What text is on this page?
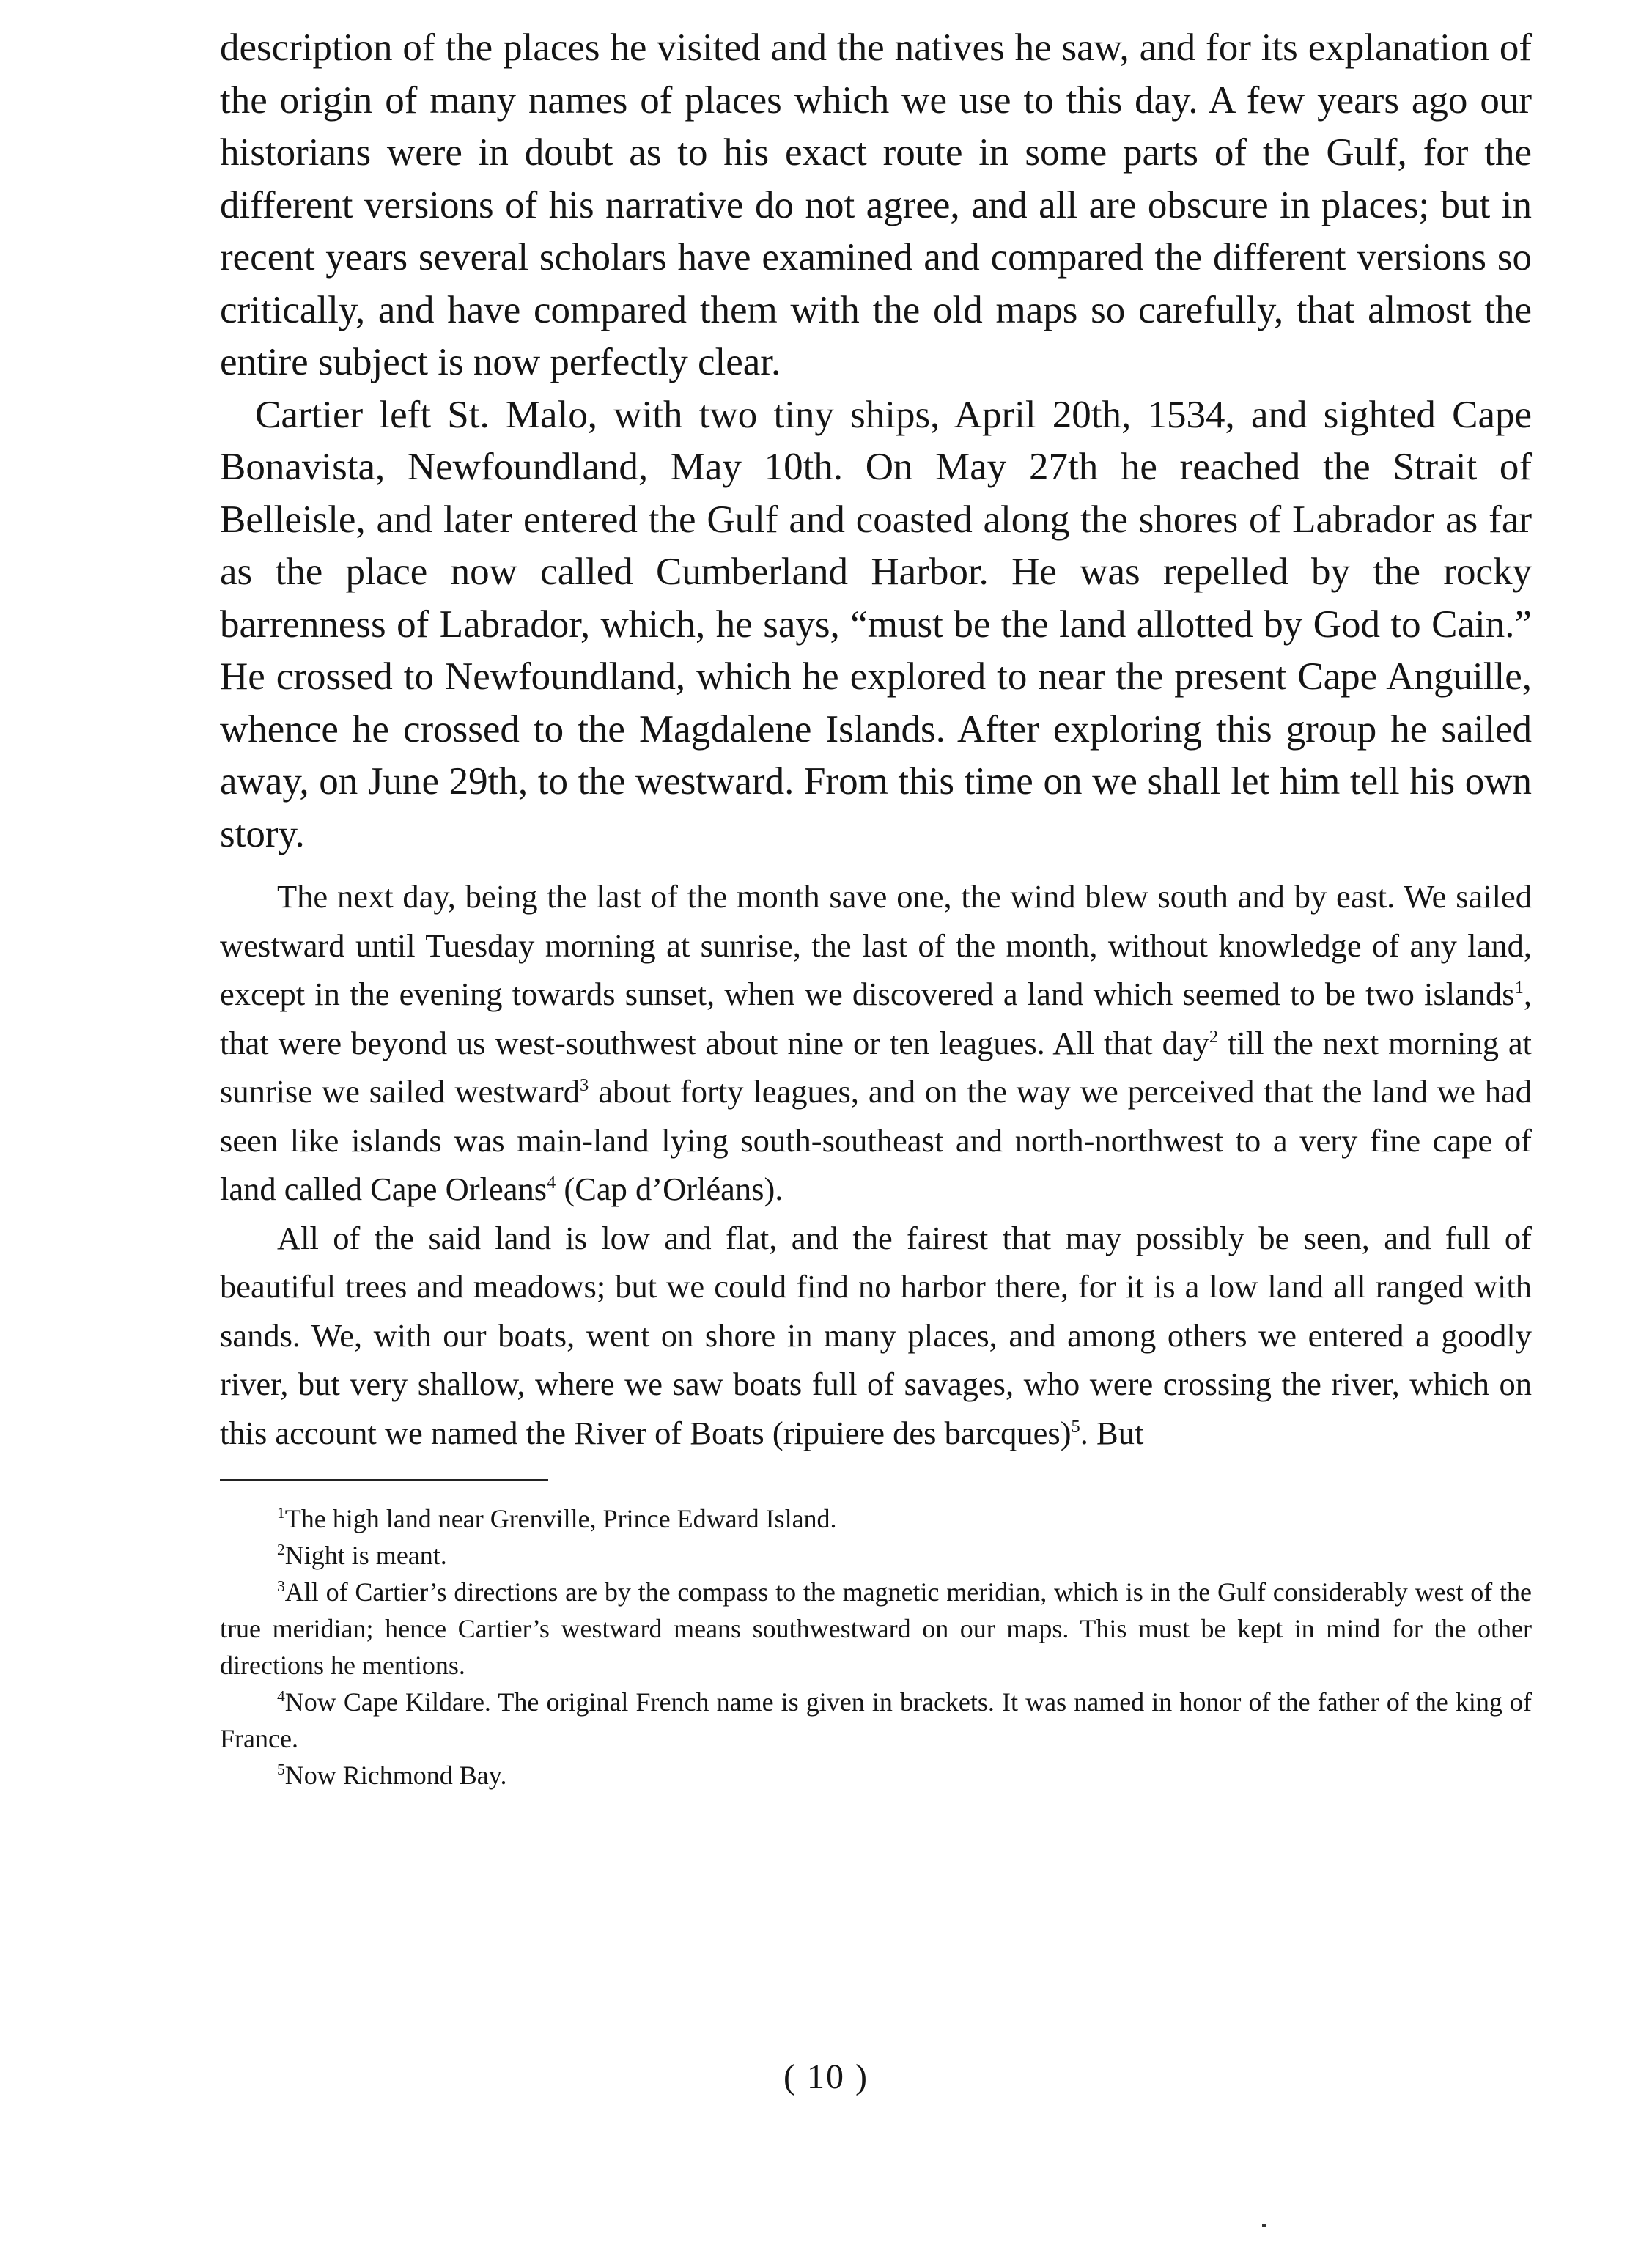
description of the places he visited and the natives he saw, and for its explanation of the origin of many names of places which we use to this day. A few years ago our historians were in doubt as to his exact route in some parts of the Gulf, for the different versions of his narrative do not agree, and all are obscure in places; but in recent years several scholars have examined and compared the different versions so critically, and have compared them with the old maps so carefully, that almost the entire subject is now perfectly clear.

Cartier left St. Malo, with two tiny ships, April 20th, 1534, and sighted Cape Bonavista, Newfoundland, May 10th. On May 27th he reached the Strait of Belleisle, and later entered the Gulf and coasted along the shores of Labrador as far as the place now called Cumberland Harbor. He was repelled by the rocky barrenness of Labrador, which, he says, “must be the land allotted by God to Cain.” He crossed to Newfoundland, which he explored to near the present Cape Anguille, whence he crossed to the Magdalene Islands. After exploring this group he sailed away, on June 29th, to the westward. From this time on we shall let him tell his own story.

The next day, being the last of the month save one, the wind blew south and by east. We sailed westward until Tuesday morning at sunrise, the last of the month, without knowledge of any land, except in the evening towards sunset, when we discovered a land which seemed to be two islands$^1$, that were beyond us west-southwest about nine or ten leagues. All that day$^2$ till the next morning at sunrise we sailed westward$^3$ about forty leagues, and on the way we perceived that the land we had seen like islands was main-land lying south-southeast and north-northwest to a very fine cape of land called Cape Orleans$^4$ (Cap d’Orléans).

All of the said land is low and flat, and the fairest that may possibly be seen, and full of beautiful trees and meadows; but we could find no harbor there, for it is a low land all ranged with sands. We, with our boats, went on shore in many places, and among others we entered a goodly river, but very shallow, where we saw boats full of savages, who were crossing the river, which on this account we named the River of Boats (ripuiere des barcques)$^5$. But

$^1$The high land near Grenville, Prince Edward Island.

$^2$Night is meant.

$^3$All of Cartier’s directions are by the compass to the magnetic meridian, which is in the Gulf considerably west of the true meridian; hence Cartier’s westward means southwestward on our maps. This must be kept in mind for the other directions he mentions.

$^4$Now Cape Kildare. The original French name is given in brackets. It was named in honor of the father of the king of France.

$^5$Now Richmond Bay.

( 10 )
